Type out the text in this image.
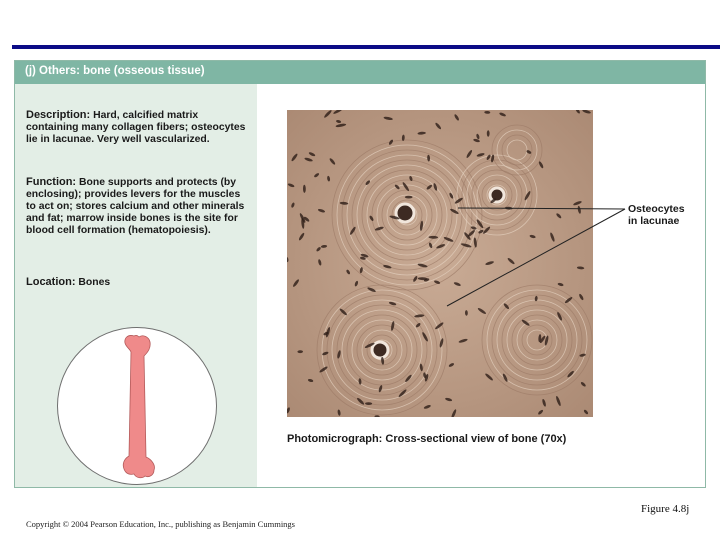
(j) Others: bone (osseous tissue)
Description: Hard, calcified matrix containing many collagen fibers; osteocytes lie in lacunae. Very well vascularized.
Function: Bone supports and protects (by enclosing); provides levers for the muscles to act on; stores calcium and other minerals and fat; marrow inside bones is the site for blood cell formation (hematopoiesis).
Location: Bones
Photomicrograph: Cross-sectional view of bone (70x)
Osteocytes
in lacunae
Figure 4.8j
Copyright © 2004 Pearson Education, Inc., publishing as Benjamin Cummings
